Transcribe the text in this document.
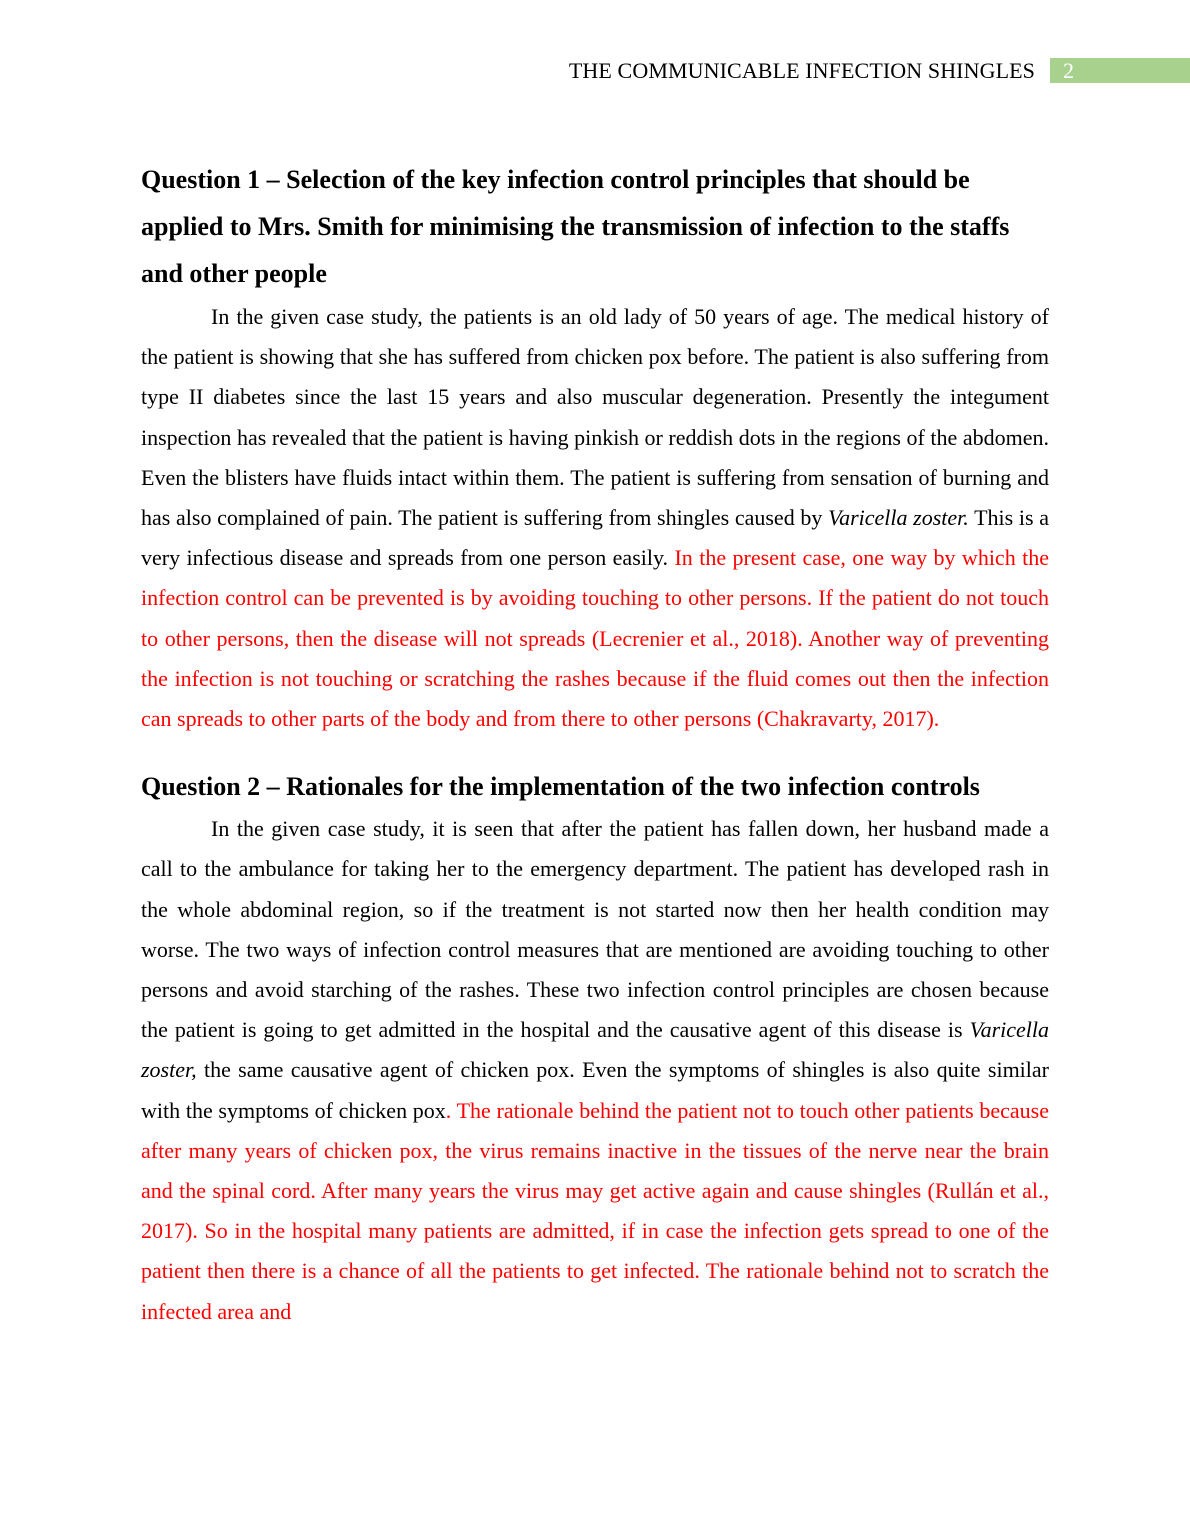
THE COMMUNICABLE INFECTION SHINGLES 2
Question 1 – Selection of the key infection control principles that should be applied to Mrs. Smith for minimising the transmission of infection to the staffs and other people

In the given case study, the patients is an old lady of 50 years of age. The medical history of the patient is showing that she has suffered from chicken pox before. The patient is also suffering from type II diabetes since the last 15 years and also muscular degeneration. Presently the integument inspection has revealed that the patient is having pinkish or reddish dots in the regions of the abdomen. Even the blisters have fluids intact within them. The patient is suffering from sensation of burning and has also complained of pain. The patient is suffering from shingles caused by Varicella zoster. This is a very infectious disease and spreads from one person easily. In the present case, one way by which the infection control can be prevented is by avoiding touching to other persons. If the patient do not touch to other persons, then the disease will not spreads (Lecrenier et al., 2018). Another way of preventing the infection is not touching or scratching the rashes because if the fluid comes out then the infection can spreads to other parts of the body and from there to other persons (Chakravarty, 2017).

Question 2 – Rationales for the implementation of the two infection controls

In the given case study, it is seen that after the patient has fallen down, her husband made a call to the ambulance for taking her to the emergency department. The patient has developed rash in the whole abdominal region, so if the treatment is not started now then her health condition may worse. The two ways of infection control measures that are mentioned are avoiding touching to other persons and avoid starching of the rashes. These two infection control principles are chosen because the patient is going to get admitted in the hospital and the causative agent of this disease is Varicella zoster, the same causative agent of chicken pox. Even the symptoms of shingles is also quite similar with the symptoms of chicken pox. The rationale behind the patient not to touch other patients because after many years of chicken pox, the virus remains inactive in the tissues of the nerve near the brain and the spinal cord. After many years the virus may get active again and cause shingles (Rullán et al., 2017). So in the hospital many patients are admitted, if in case the infection gets spread to one of the patient then there is a chance of all the patients to get infected. The rationale behind not to scratch the infected area and
